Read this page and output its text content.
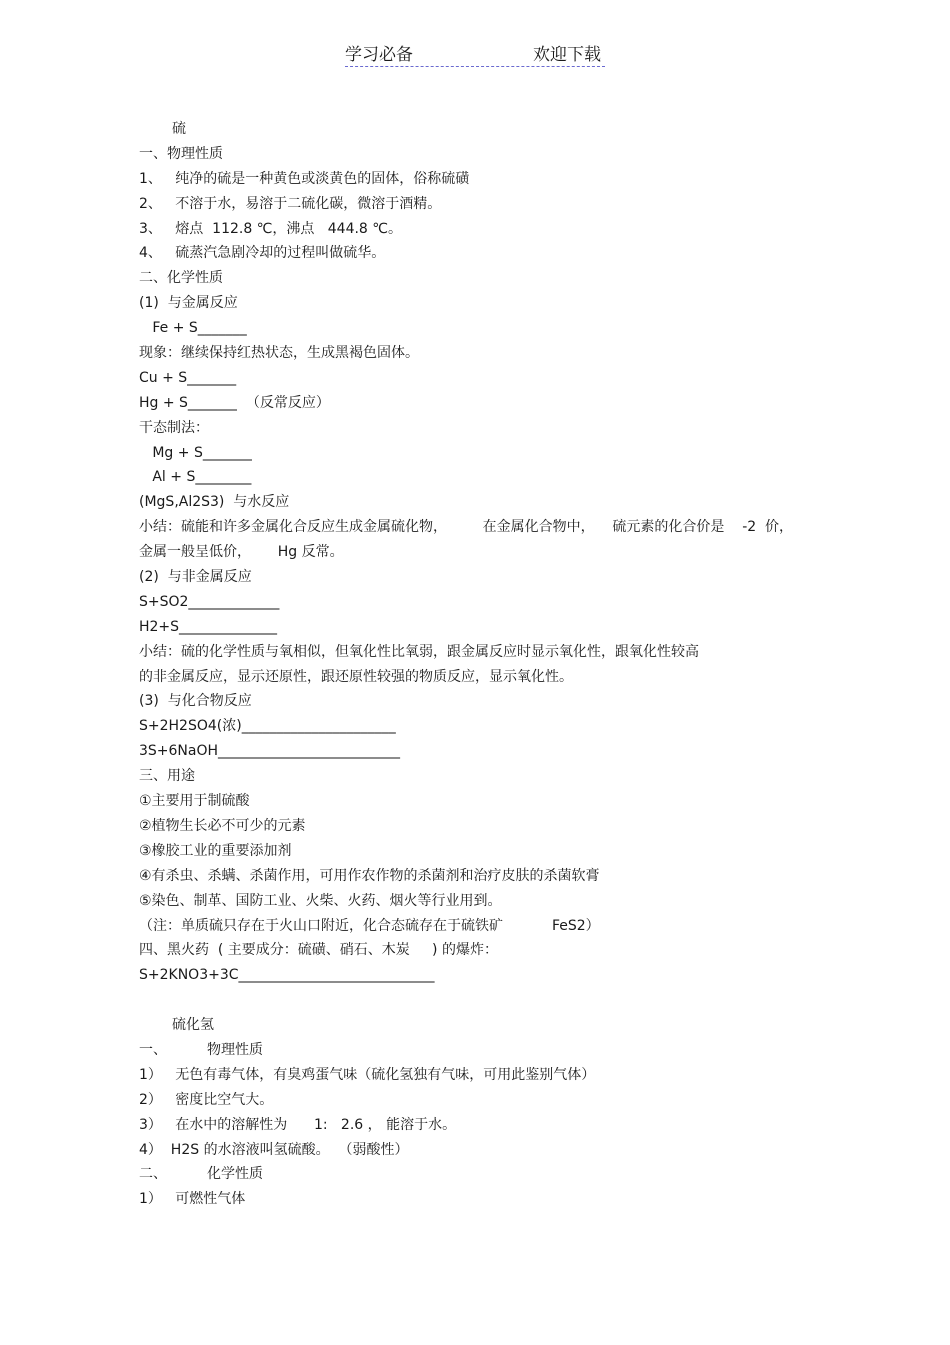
学习必备	欢迎下载
硫
一、物理性质
1、   纯净的硫是一种黄色或淡黄色的固体，俗称硫磺
2、   不溶于水，易溶于二硫化碳，微溶于酒精。
3、   熔点  112.8 ℃，沸点   444.8 ℃。
4、   硫蒸汽急剧冷却的过程叫做硫华。
二、化学性质
(1)  与金属反应
Fe + S_______
现象：继续保持红热状态，生成黑褐色固体。
Cu + S_______
Hg + S_______  （反常反应）
干态制法：
Mg + S_______
Al + S________
(MgS,Al2S3)  与水反应
小结：硫能和许多金属化合反应生成金属硫化物，        在金属化合物中，    硫元素的化合价是    -2  价，
金属一般呈低价，      Hg 反常。
(2)  与非金属反应
S+SO2_____________
H2+S______________
小结：硫的化学性质与氧相似，但氧化性比氧弱，跟金属反应时显示氧化性，跟氧化性较高
的非金属反应，显示还原性，跟还原性较强的物质反应，显示氧化性。
(3)  与化合物反应
S+2H2SO4(浓)______________________
3S+6NaOH__________________________
三、用途
①主要用于制硫酸
②植物生长必不可少的元素
③橡胶工业的重要添加剂
④有杀虫、杀螨、杀菌作用，可用作农作物的杀菌剂和治疗皮肤的杀菌软膏
⑤染色、制革、国防工业、火柴、火药、烟火等行业用到。
（注：单质硫只存在于火山口附近，化合态硫存在于硫铁矿           FeS2）
四、黑火药  ( 主要成分：硫磺、硝石、木炭     ) 的爆炸：
S+2KNO3+3C____________________________
硫化氢
一、         物理性质
1）   无色有毒气体，有臭鸡蛋气味（硫化氢独有气味，可用此鉴别气体）
2）   密度比空气大。
3）   在水中的溶解性为      1:   2.6 ， 能溶于水。
4）  H2S 的水溶液叫氢硫酸。  （弱酸性）
二、         化学性质
1）   可燃性气体
